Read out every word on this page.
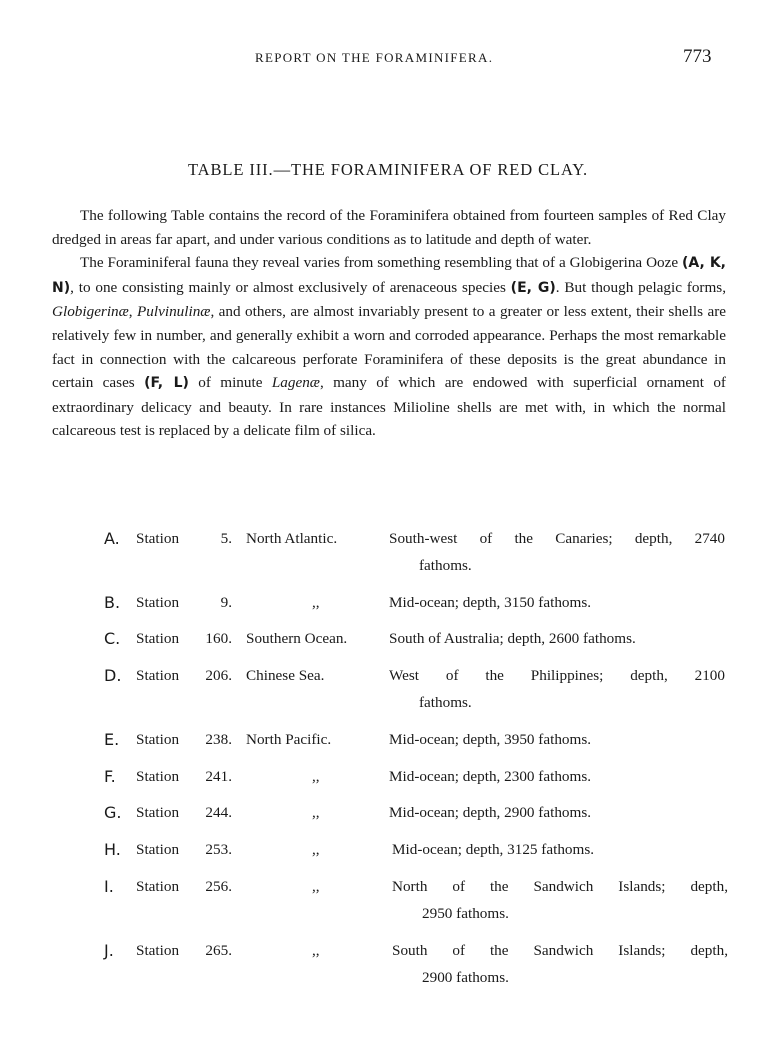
REPORT ON THE FORAMINIFERA.	773
TABLE III.—THE FORAMINIFERA OF RED CLAY.

The following Table contains the record of the Foraminifera obtained from fourteen samples of Red Clay dredged in areas far apart, and under various conditions as to latitude and depth of water.

The Foraminiferal fauna they reveal varies from something resembling that of a Globigerina Ooze (A, K, N), to one consisting mainly or almost exclusively of arenaceous species (E, G). But though pelagic forms, Globigerinæ, Pulvinulinæ, and others, are almost invariably present to a greater or less extent, their shells are relatively few in number, and generally exhibit a worn and corroded appearance. Perhaps the most remarkable fact in connection with the calcareous perforate Foraminifera of these deposits is the great abundance in certain cases (F, L) of minute Lagenæ, many of which are endowed with superficial ornament of extraordinary delicacy and beauty. In rare instances Milioline shells are met with, in which the normal calcareous test is replaced by a delicate film of silica.

A. Station	5. North Atlantic.	South-west of the Canaries; depth, 2740
fathoms.
B. Station	9.	,,	Mid-ocean; depth, 3150 fathoms.
C. Station	160. Southern Ocean.	South of Australia; depth, 2600 fathoms.
D. Station	206. Chinese Sea.	West of the Philippines; depth, 2100
fathoms.
E. Station	238. North Pacific.	Mid-ocean; depth, 3950 fathoms.
F. Station	241.	,,	Mid-ocean; depth, 2300 fathoms.
G. Station	244.	,,	Mid-ocean; depth, 2900 fathoms.
H. Station	253.	,,	Mid-ocean; depth, 3125 fathoms.
I. Station	256.	,,	North of the Sandwich Islands; depth,
2950 fathoms.
J. Station	265.	,,	South of the Sandwich Islands; depth,
2900 fathoms.
